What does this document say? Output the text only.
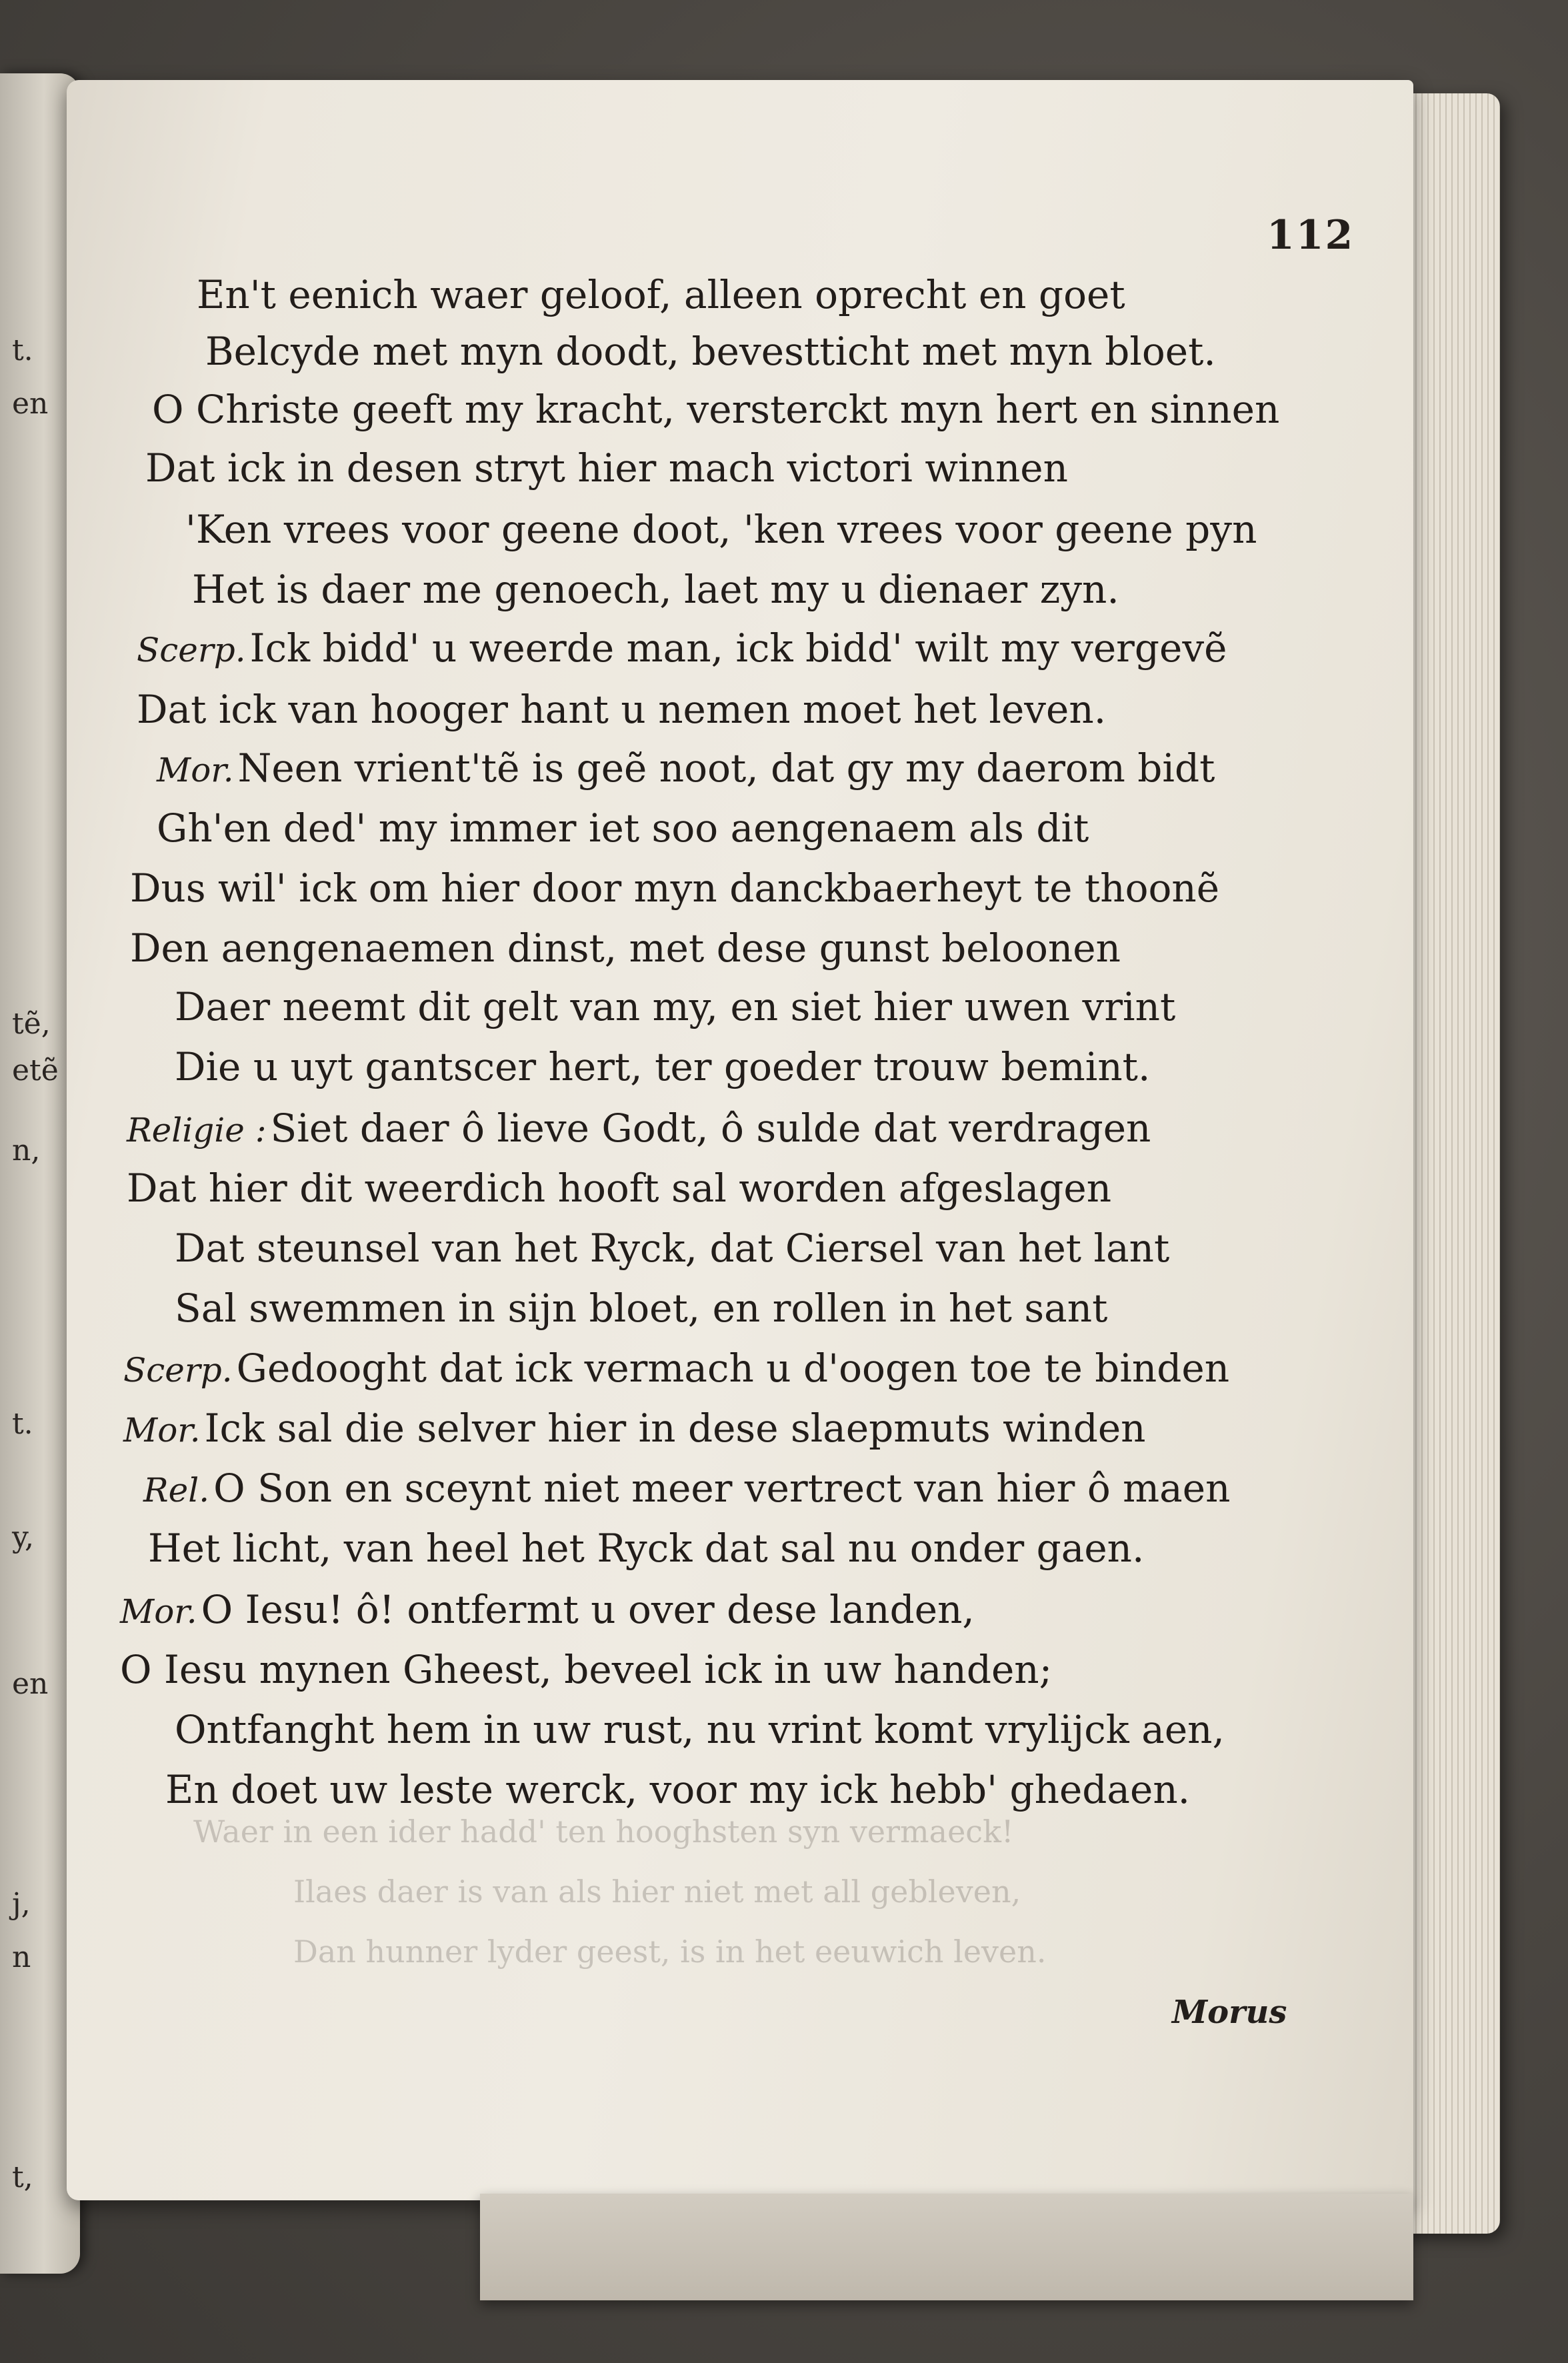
t.
en
tẽ,
etẽ
n,
t.
y,
en
j,
n
t,
Waer in een ider hadd' ten hooghsten syn vermaeck!
Ilaes daer is van als hier niet met all gebleven,
Dan hunner lyder geest, is in het eeuwich leven.
112
En't eenich waer geloof, alleen oprecht en goet
Belcyde met myn doodt, bevestticht met myn bloet.
O Christe geeft my kracht, versterckt myn hert en sinnen
Dat ick in desen stryt hier mach victori winnen
'Ken vrees voor geene doot, 'ken vrees voor geene pyn
Het is daer me genoech, laet my u dienaer zyn.
Scerp. Ick bidd' u weerde man, ick bidd' wilt my vergevẽ
Dat ick van hooger hant u nemen moet het leven.
Mor. Neen vrient'tẽ is geẽ noot, dat gy my daerom bidt
Gh'en ded' my immer iet soo aengenaem als dit
Dus wil' ick om hier door myn danckbaerheyt te thoonẽ
Den aengenaemen dinst, met dese gunst beloonen
Daer neemt dit gelt van my, en siet hier uwen vrint
Die u uyt gantscer hert, ter goeder trouw bemint.
Religie : Siet daer ô lieve Godt, ô sulde dat verdragen
Dat hier dit weerdich hooft sal worden afgeslagen
Dat steunsel van het Ryck, dat Ciersel van het lant
Sal swemmen in sijn bloet, en rollen in het sant
Scerp. Gedooght dat ick vermach u d'oogen toe te binden
Mor. Ick sal die selver hier in dese slaepmuts winden
Rel. O Son en sceynt niet meer vertrect van hier ô maen
Het licht, van heel het Ryck dat sal nu onder gaen.
Mor. O Iesu! ô! ontfermt u over dese landen,
O Iesu mynen Gheest, beveel ick in uw handen;
Ontfanght hem in uw rust, nu vrint komt vrylijck aen,
En doet uw leste werck, voor my ick hebb' ghedaen.
Morus
